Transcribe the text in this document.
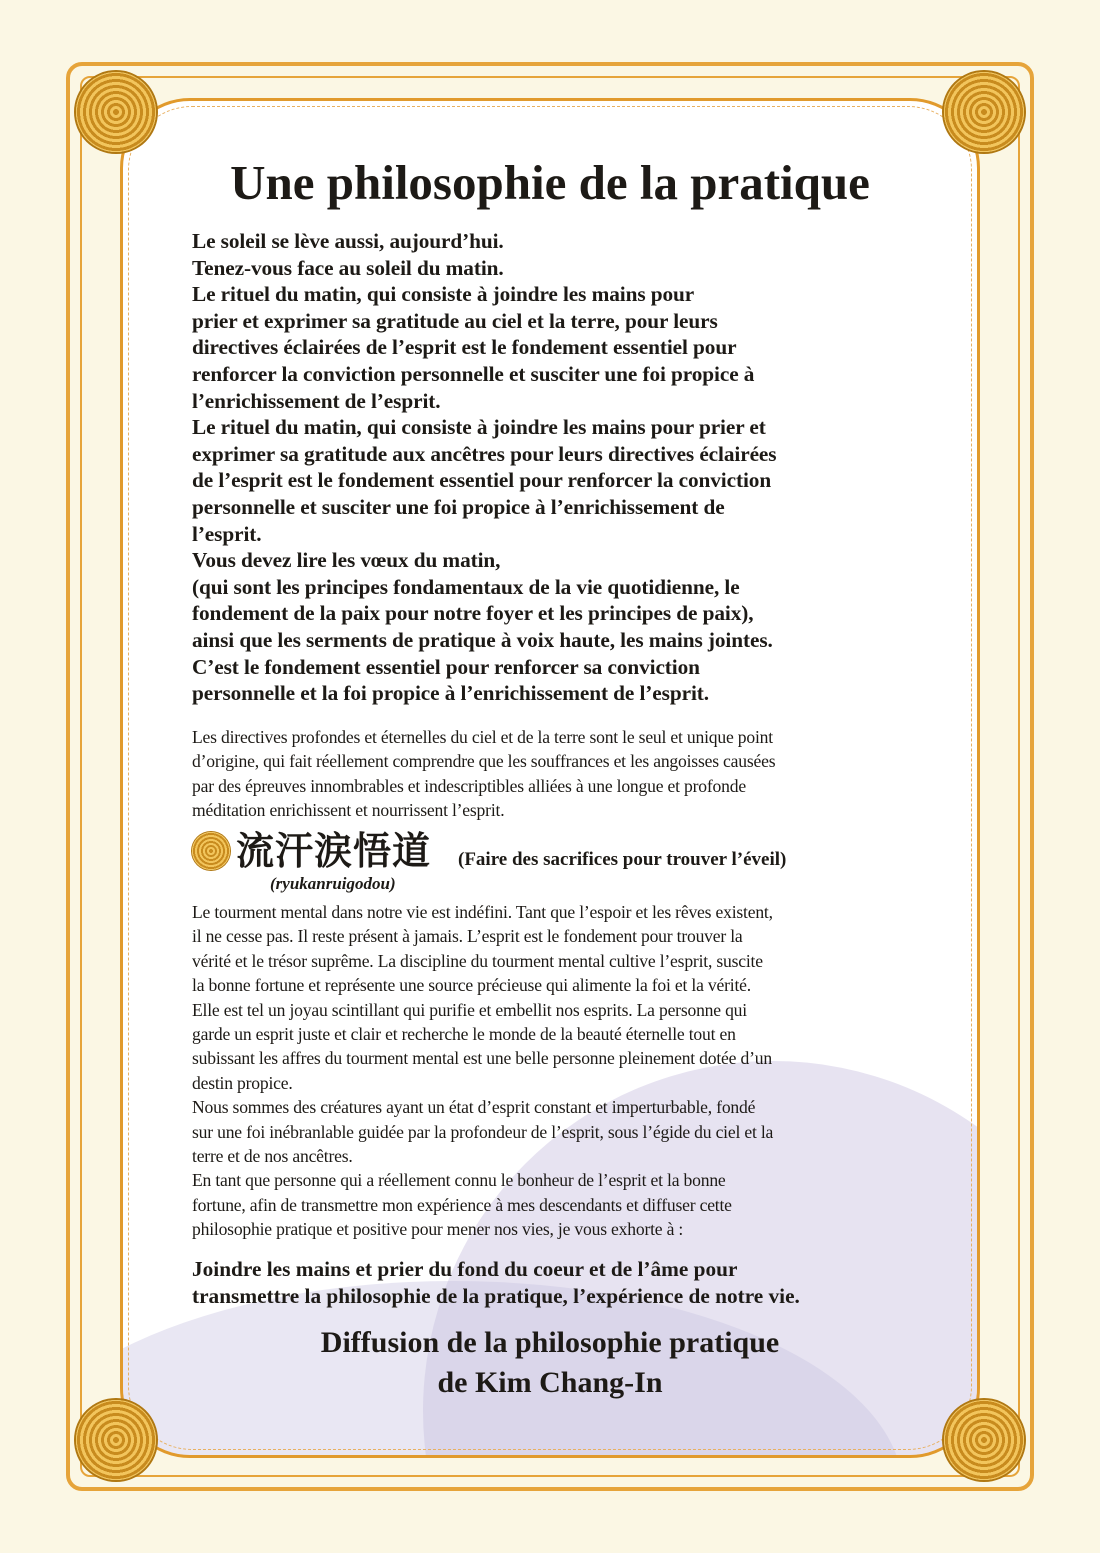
Une philosophie de la pratique
Le soleil se lève aussi, aujourd’hui.
Tenez-vous face au soleil du matin.
Le rituel du matin, qui consiste à joindre les mains pour
prier et exprimer sa gratitude au ciel et la terre, pour leurs
directives éclairées de l’esprit est le fondement essentiel pour
renforcer la conviction personnelle et susciter une foi propice à
l’enrichissement de l’esprit.
Le rituel du matin, qui consiste à joindre les mains pour prier et
exprimer sa gratitude aux ancêtres pour leurs directives éclairées
de l’esprit est le fondement essentiel pour renforcer la conviction
personnelle et susciter une foi propice à l’enrichissement de
l’esprit.
Vous devez lire les vœux du matin,
(qui sont les principes fondamentaux de la vie quotidienne, le
fondement de la paix pour notre foyer et les principes de paix),
ainsi que les serments de pratique à voix haute, les mains jointes.
C’est le fondement essentiel pour renforcer sa conviction
personnelle et la foi propice à l’enrichissement de l’esprit.
Les directives profondes et éternelles du ciel et de la terre sont le seul et unique point
d’origine, qui fait réellement comprendre que les souffrances et les angoisses causées
par des épreuves innombrables et indescriptibles alliées à une longue et profonde
méditation enrichissent et nourrissent l’esprit.
流汗涙悟道 (Faire des sacrifices pour trouver l’éveil)
(ryukanruigodou)
Le tourment mental dans notre vie est indéfini. Tant que l’espoir et les rêves existent,
il ne cesse pas. Il reste présent à jamais. L’esprit est le fondement pour trouver la
vérité et le trésor suprême. La discipline du tourment mental cultive l’esprit, suscite
la bonne fortune et représente une source précieuse qui alimente la foi et la vérité.
Elle est tel un joyau scintillant qui purifie et embellit nos esprits. La personne qui
garde un esprit juste et clair et recherche le monde de la beauté éternelle tout en
subissant les affres du tourment mental est une belle personne pleinement dotée d’un
destin propice.
Nous sommes des créatures ayant un état d’esprit constant et imperturbable, fondé
sur une foi inébranlable guidée par la profondeur de l’esprit, sous l’égide du ciel et la
terre et de nos ancêtres.
En tant que personne qui a réellement connu le bonheur de l’esprit et la bonne
fortune, afin de transmettre mon expérience à mes descendants et diffuser cette
philosophie pratique et positive pour mener nos vies, je vous exhorte à :
Joindre les mains et prier du fond du coeur et de l’âme pour
transmettre la philosophie de la pratique, l’expérience de notre vie.
Diffusion de la philosophie pratique
de Kim Chang-In
